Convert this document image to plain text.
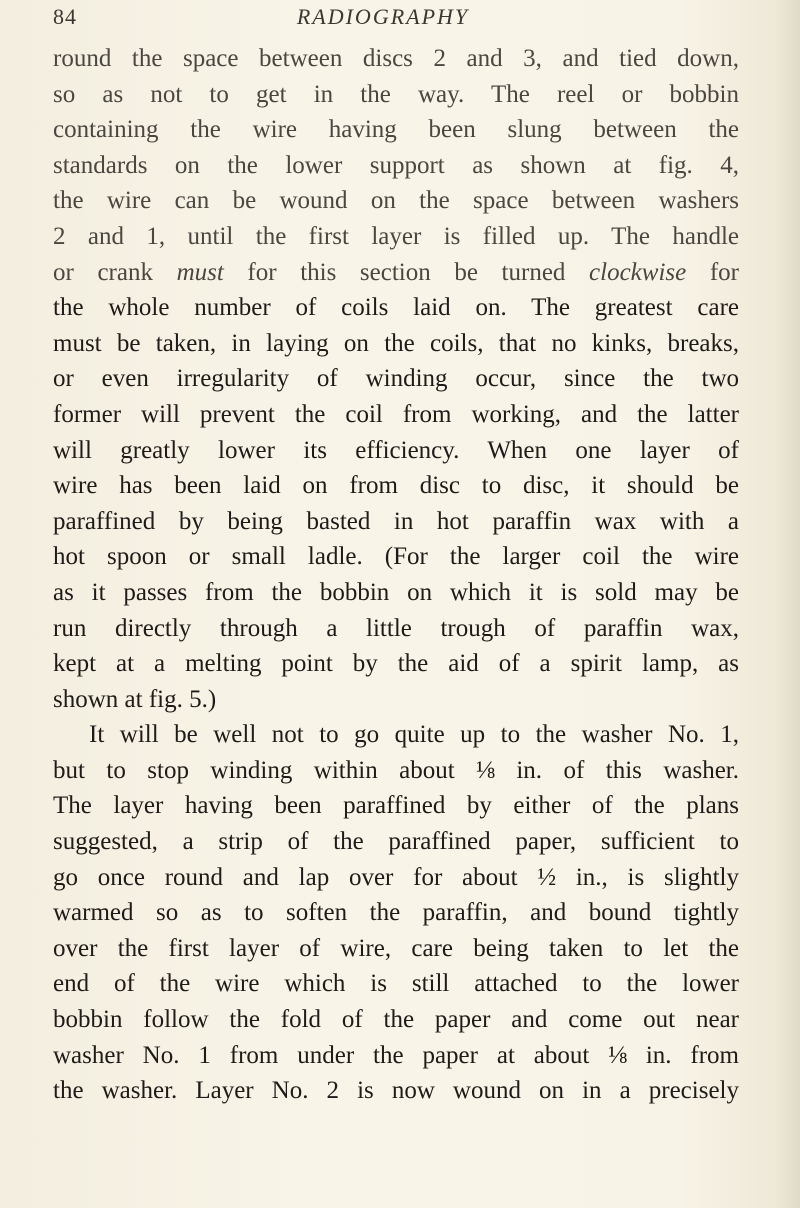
84	RADIOGRAPHY
round the space between discs 2 and 3, and tied down,
so as not to get in the way. The reel or bobbin
containing the wire having been slung between the
standards on the lower support as shown at fig. 4,
the wire can be wound on the space between washers
2 and 1, until the first layer is filled up. The handle
or crank must for this section be turned clockwise for
the whole number of coils laid on. The greatest care
must be taken, in laying on the coils, that no kinks, breaks,
or even irregularity of winding occur, since the two
former will prevent the coil from working, and the latter
will greatly lower its efficiency. When one layer of
wire has been laid on from disc to disc, it should be
paraffined by being basted in hot paraffin wax with a
hot spoon or small ladle. (For the larger coil the wire
as it passes from the bobbin on which it is sold may be
run directly through a little trough of paraffin wax,
kept at a melting point by the aid of a spirit lamp, as
shown at fig. 5.)
It will be well not to go quite up to the washer No. 1,
but to stop winding within about ⅛ in. of this washer.
The layer having been paraffined by either of the plans
suggested, a strip of the paraffined paper, sufficient to
go once round and lap over for about ½ in., is slightly
warmed so as to soften the paraffin, and bound tightly
over the first layer of wire, care being taken to let the
end of the wire which is still attached to the lower
bobbin follow the fold of the paper and come out near
washer No. 1 from under the paper at about ⅛ in. from
the washer. Layer No. 2 is now wound on in a precisely
